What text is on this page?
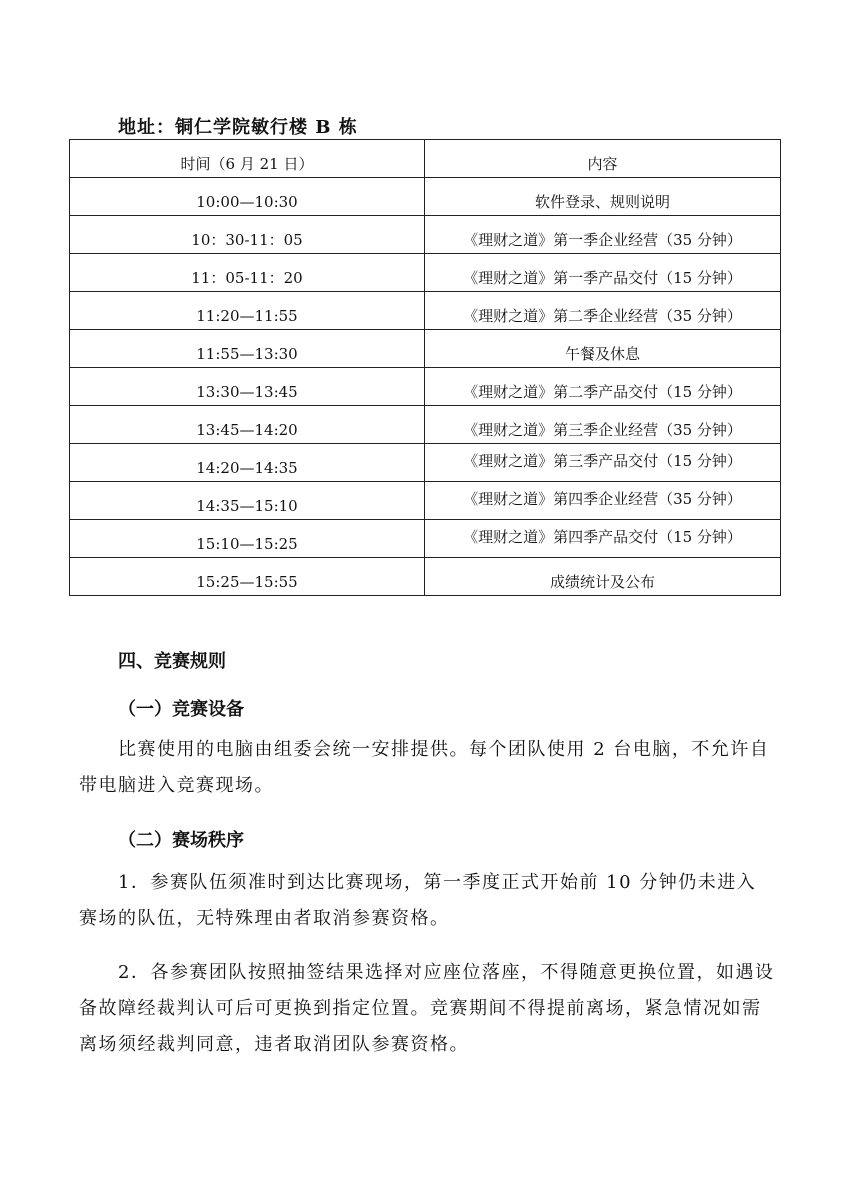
地址：铜仁学院敏行楼 B 栋
时间（6 月 21 日）	内容

10:00—10:30	软件登录、规则说明

10：30-11：05	《理财之道》第一季企业经营（35 分钟）

11：05-11：20	《理财之道》第一季产品交付（15 分钟）

11:20—11:55	《理财之道》第二季企业经营（35 分钟）

11:55—13:30	午餐及休息

13:30—13:45	《理财之道》第二季产品交付（15 分钟）

13:45—14:20	《理财之道》第三季企业经营（35 分钟）

14:20—14:35	《理财之道》第三季产品交付（15 分钟）

14:35—15:10	《理财之道》第四季企业经营（35 分钟）

15:10—15:25	《理财之道》第四季产品交付（15 分钟）

15:25—15:55	成绩统计及公布
四、竞赛规则
（一）竞赛设备
比赛使用的电脑由组委会统一安排提供。每个团队使用 2 台电脑，不允许自带电脑进入竞赛现场。
（二）赛场秩序
1．参赛队伍须准时到达比赛现场，第一季度正式开始前 10 分钟仍未进入赛场的队伍，无特殊理由者取消参赛资格。
2．各参赛团队按照抽签结果选择对应座位落座，不得随意更换位置，如遇设备故障经裁判认可后可更换到指定位置。竞赛期间不得提前离场，紧急情况如需离场须经裁判同意，违者取消团队参赛资格。
